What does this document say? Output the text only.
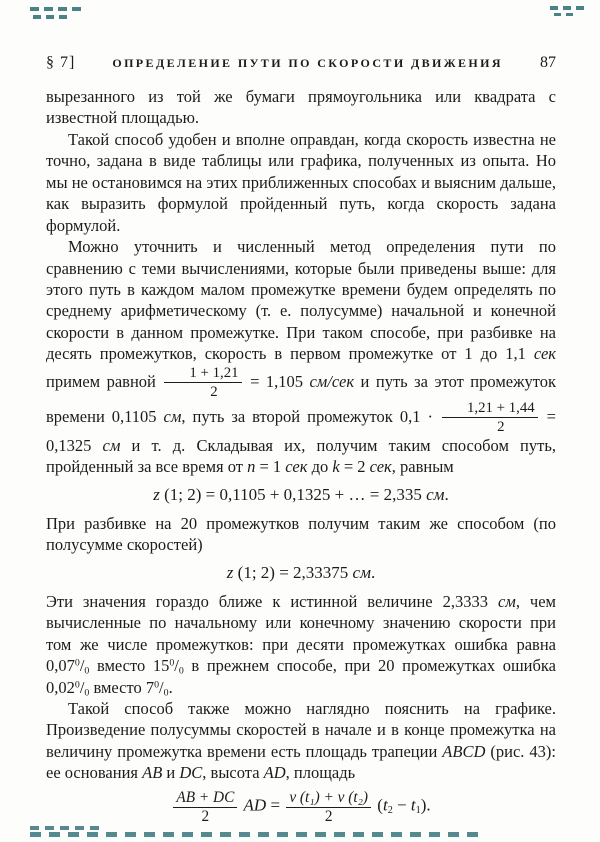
§ 7]	ОПРЕДЕЛЕНИЕ ПУТИ ПО СКОРОСТИ ДВИЖЕНИЯ 87

вырезанного из той же бумаги прямоугольника или квадрата с известной площадью.

Такой способ удобен и вполне оправдан, когда скорость известна не точно, задана в виде таблицы или графика, полученных из опыта. Но мы не остановимся на этих приближенных способах и выясним дальше, как выразить формулой пройденный путь, когда скорость задана формулой.

Можно уточнить и численный метод определения пути по сравнению с теми вычислениями, которые были приведены выше: для этого путь в каждом малом промежутке времени будем определять по среднему арифметическому (т. е. полусумме) начальной и конечной скорости в данном промежутке. При таком способе, при разбивке на десять промежутков, скорость в первом промежутке от 1 до 1,1 сек примем равной $\frac{1 + 1,21}{2} = 1,105$ см/сек и путь за этот промежуток времени 0,1105 см, путь за второй промежуток $0,1 \cdot \frac{1,21 + 1,44}{2} = 0,1325$ см и т. д. Складывая их, получим таким способом путь, пройденный за все время от n = 1 сек до k = 2 сек, равным

z (1; 2) = 0,1105 + 0,1325 + … = 2,335 см.

При разбивке на 20 промежутков получим таким же способом (по полусумме скоростей)

z (1; 2) = 2,33375 см.

Эти значения гораздо ближе к истинной величине 2,3333 см, чем вычисленные по начальному или конечному значению скорости при том же числе промежутков: при десяти промежутках ошибка равна $0,07^0/_0$ вместо $15^0/_0$ в прежнем способе, при 20 промежутках ошибка $0,02^0/_0$ вместо $7^0/_0$.

Такой способ также можно наглядно пояснить на графике. Произведение полусуммы скоростей в начале и в конце промежутка на величину промежутка времени есть площадь трапеции ABCD (рис. 43): ее основания AB и DC, высота AD, площадь

$\frac{AB + DC}{2}$ AD = $\frac{\text{v (t₁) + v (t₂)}}{2} (t_2 - t_1)$.
